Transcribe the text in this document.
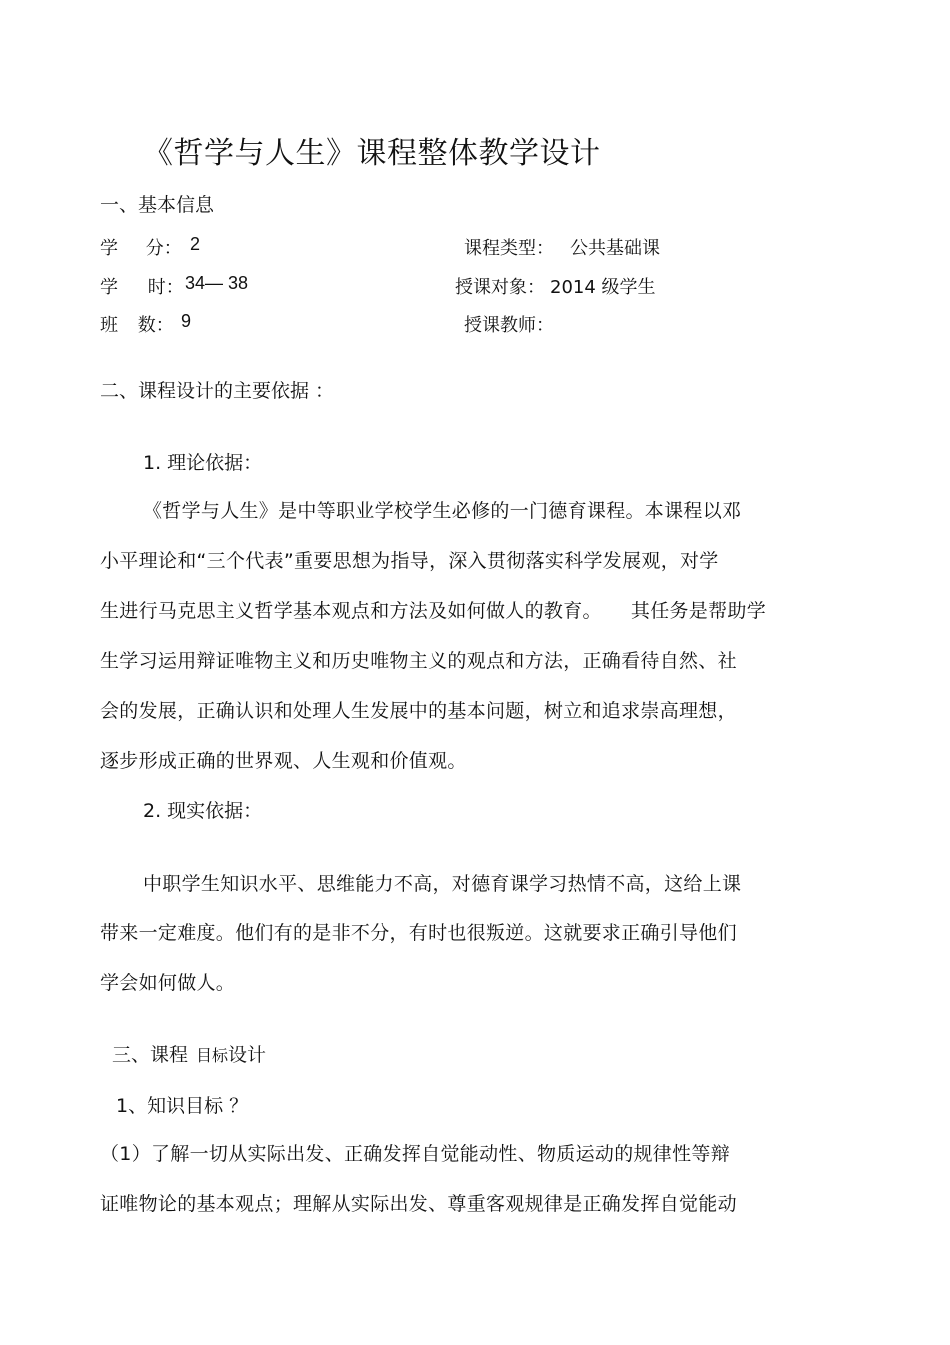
《哲学与人生》课程整体教学设计
一、基本信息
学 分： 2	课程类型： 公共基础课
学 时： 34— 38	授课对象： 2014 级学生
班 数： 9	授课教师：
二、课程设计的主要依据 ：
1. 理论依据：
《哲学与人生》是中等职业学校学生必修的一门德育课程。本课程以邓
小平理论和“三个代表”重要思想为指导，深入贯彻落实科学发展观，对学
生进行马克思主义哲学基本观点和方法及如何做人的教育。　　其任务是帮助学
生学习运用辩证唯物主义和历史唯物主义的观点和方法，正确看待自然、社
会的发展，正确认识和处理人生发展中的基本问题，树立和追求崇高理想，
逐步形成正确的世界观、人生观和价值观。
2. 现实依据：
中职学生知识水平、思维能力不高，对德育课学习热情不高，这给上课
带来一定难度。他们有的是非不分，有时也很叛逆。这就要求正确引导他们
学会如何做人。
三、课程 目标设计
1、知识目标 ？
（1）了解一切从实际出发、正确发挥自觉能动性、物质运动的规律性等辩
证唯物论的基本观点；理解从实际出发、尊重客观规律是正确发挥自觉能动
